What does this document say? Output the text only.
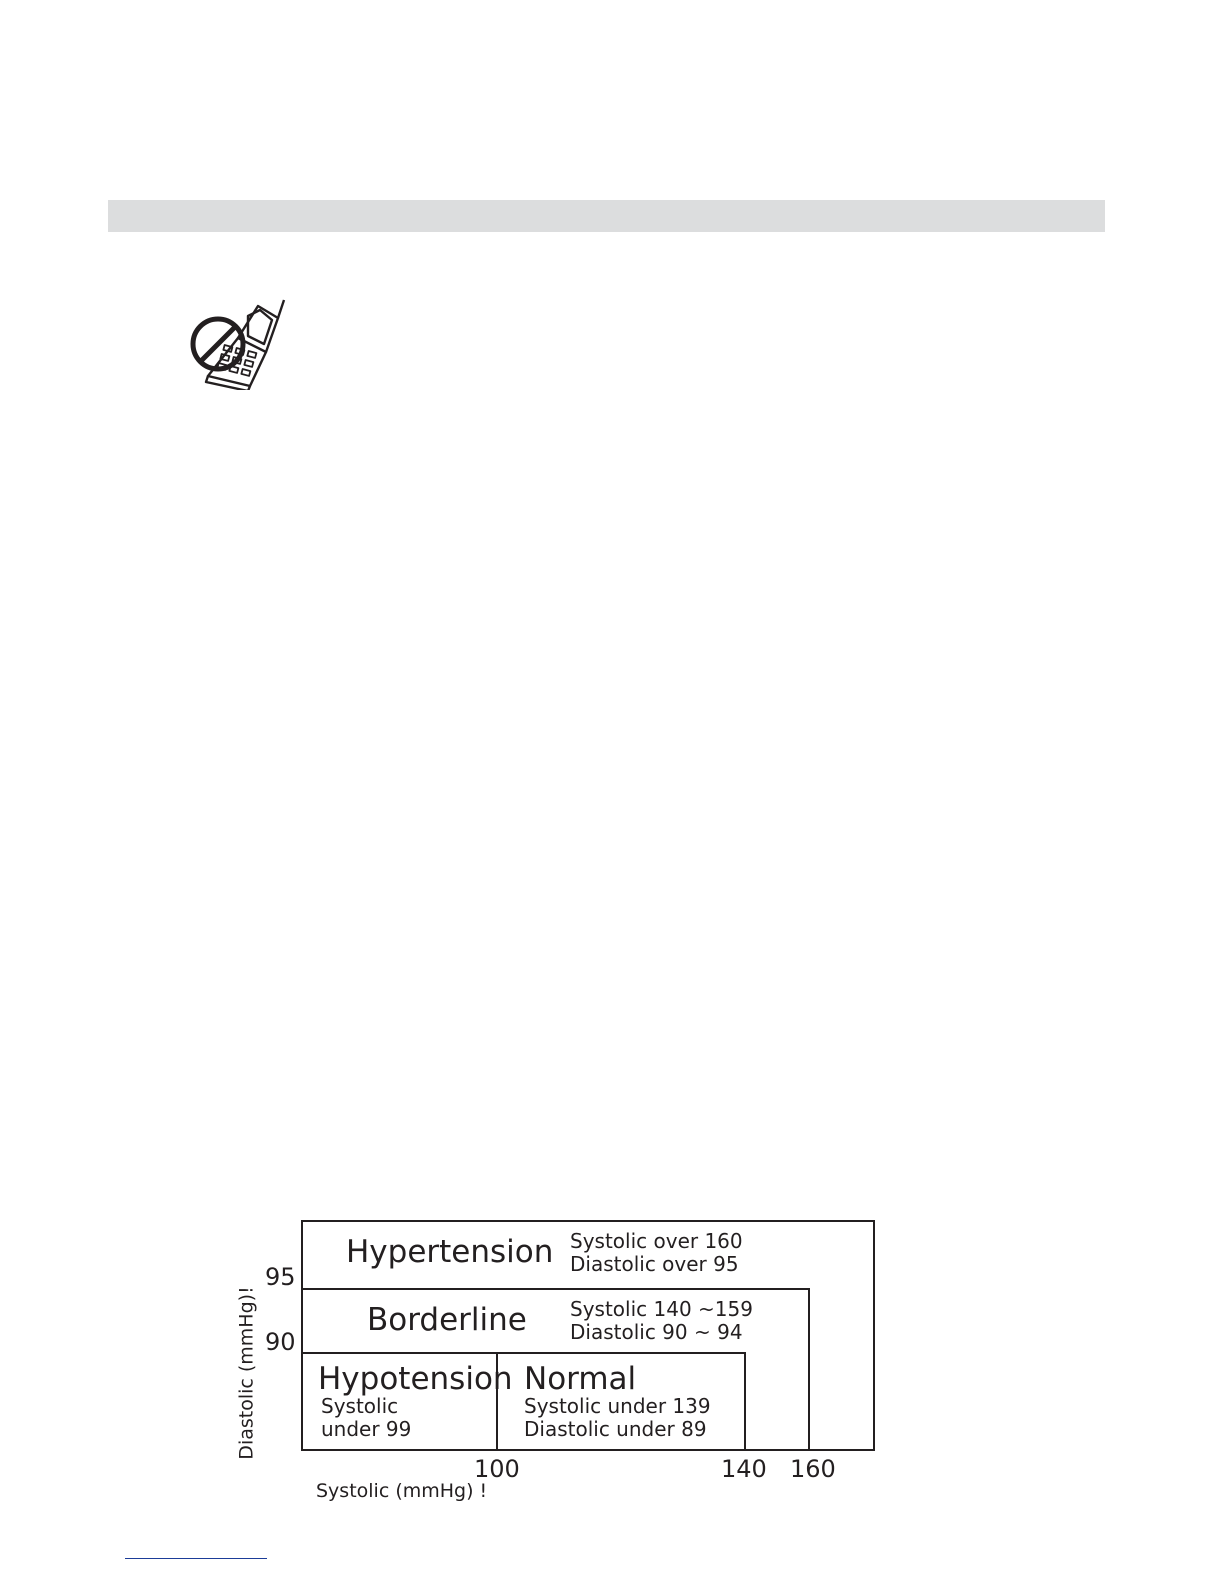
Hypertension Systolic over 160
Diastolic over 95
Borderline Systolic 140 ~159
Diastolic 90 ~ 94
Hypotension
Systolic
under 99
Normal
Systolic under 139
Diastolic under 89
95
90
100	140 160
Diastolic (mmHg)!
Systolic (mmHg) !
